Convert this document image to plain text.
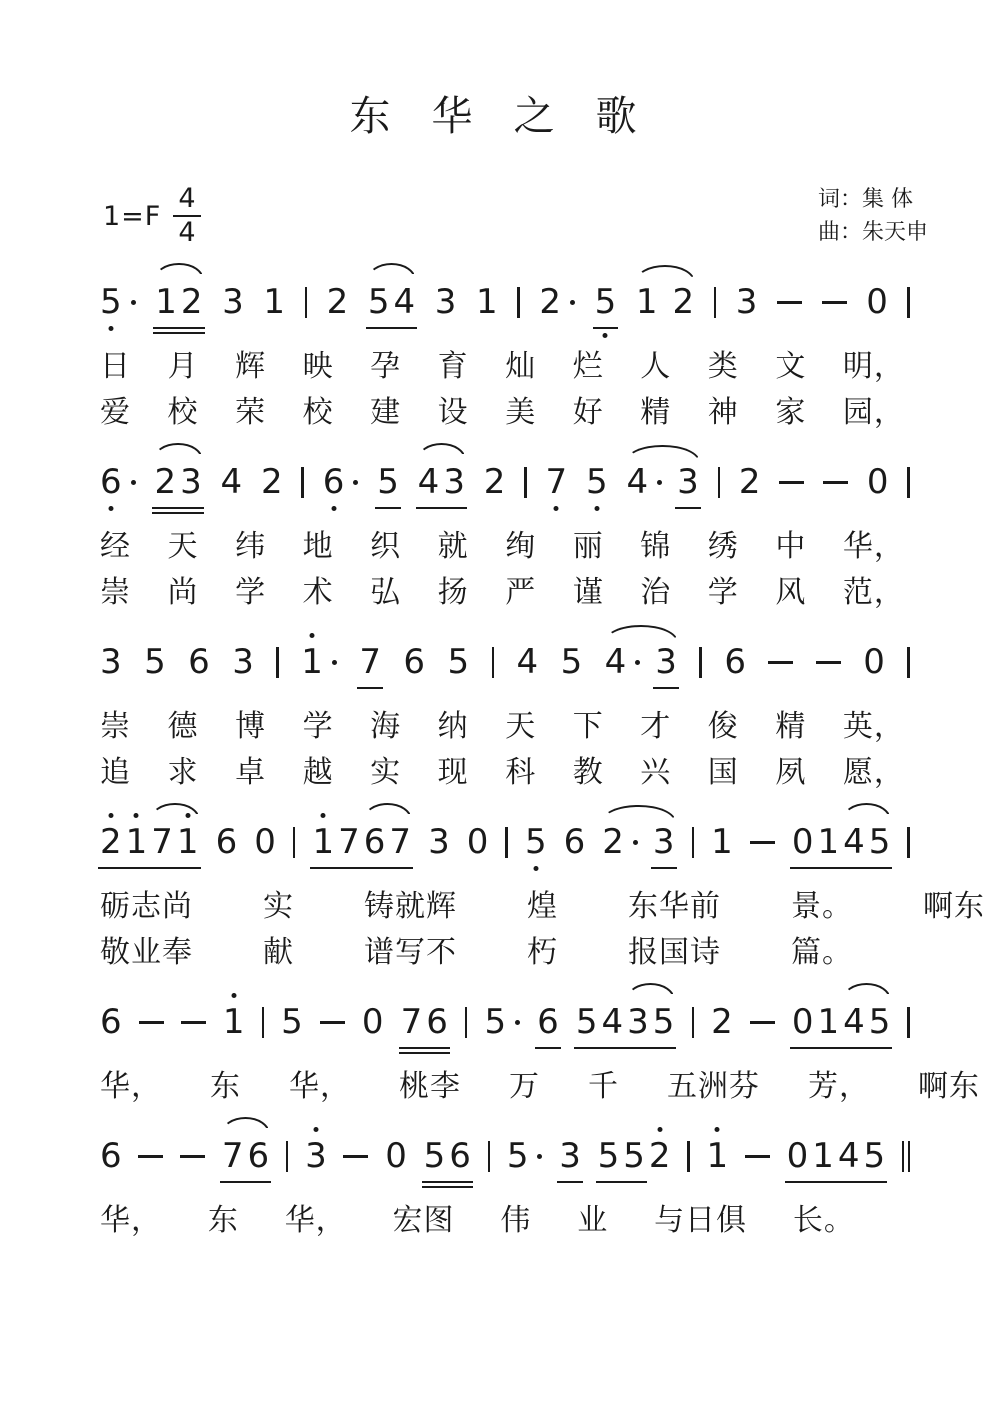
东 华 之 歌
$1=F \frac{4}{4}$	词：集 体
曲：朱天申
5 1 2 3 1 2 5 4 3 1 2 5 1 2 3	0
日 月 辉 映 孕 育 灿 烂 人 类 文 明，
爱 校 荣 校 建 设 美 好 精 神 家 园，
6 2 3 4 2 6 5 4 3 2 7 5 4 3 2	0
经 天 纬 地 织 就 绚 丽 锦 绣 中 华，
崇 尚 学 术 弘 扬 严 谨 治 学 风 范，
3 5 6 3 1 7 6 5 4 5 4 3 6	0
崇 德 博 学 海 纳 天 下 才 俊 精 英，
追 求 卓 越 实 现 科 教 兴 国 夙 愿，
2 1 7 1 6 0 1 7 6 7 3 0 5 6 2 3 1 0 1 4 5
砺志尚 实 铸就辉 煌 东华前 景。 啊东
敬业奉 献 谱写不 朽 报国诗 篇。
6	1 5 0 7 6 5 6 5 4 3 5 2 0 1 4 5
华， 东 华， 桃李 万 千 五洲芬 芳， 啊东
6	7 6 3 0 5 6 5 3 5 5 2 1 0 1 4 5
华， 东 华， 宏图 伟 业 与日俱 长。
